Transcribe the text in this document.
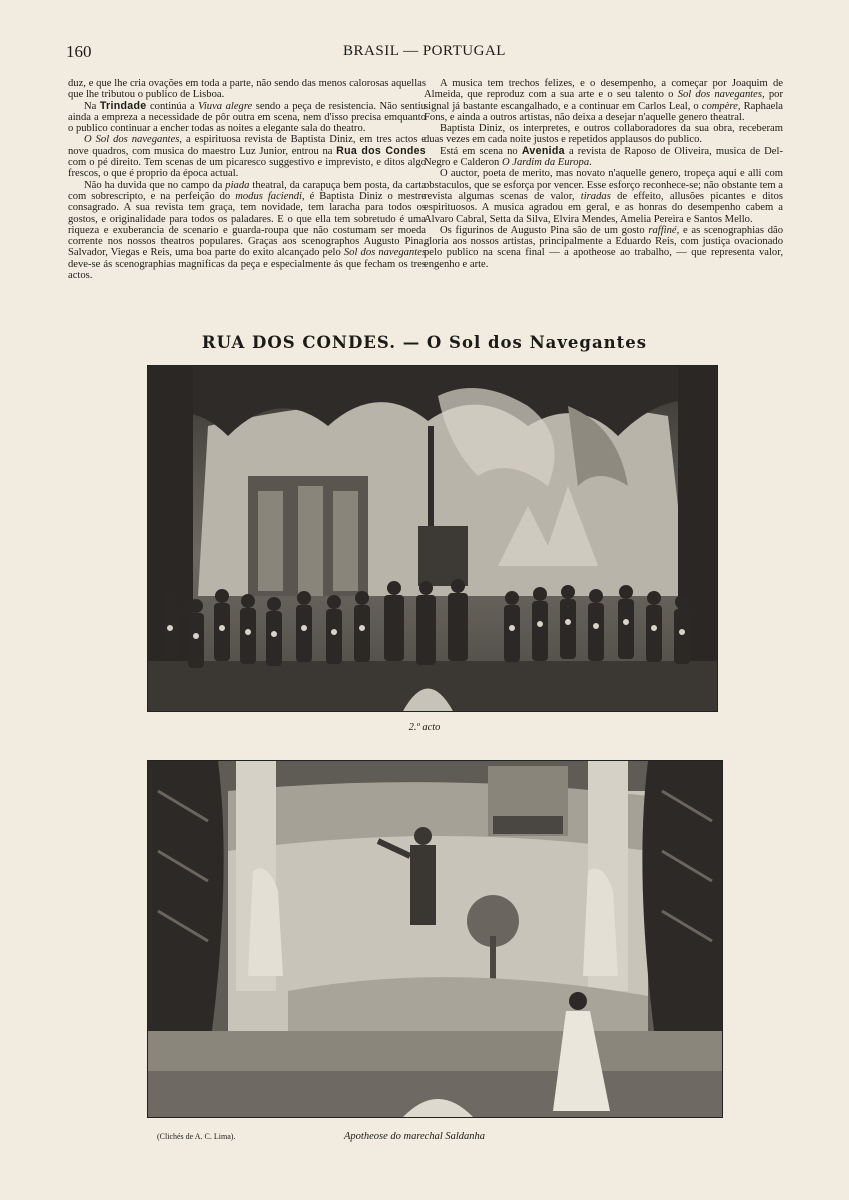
160	BRASIL — PORTUGAL

duz, e que lhe cria ovações em toda a parte, não sendo das menos calorosas aquellas que lhe tributou o publico de Lisboa.

Na Trindade continúa a Viuva alegre sendo a peça de resistencia. Não sentiu ainda a empreza a necessidade de pôr outra em scena, nem d'isso precisa emquanto o publico continuar a encher todas as noites a elegante sala do theatro.

O Sol dos navegantes, a espirituosa revista de Baptista Diniz, em tres actos e nove quadros, com musica do maestro Luz Junior, entrou na Rua dos Condes com o pé direito. Tem scenas de um picaresco suggestivo e imprevisto, e ditos algo frescos, o que é proprio da época actual.

Não ha duvida que no campo da piada theatral, da carapuça bem posta, da carta com sobrescripto, e na perfeição do modus faciendi, é Baptista Diniz o mestre consagrado. A sua revista tem graça, tem novidade, tem laracha para todos os gostos, e originalidade para todos os paladares. E o que ella tem sobretudo é uma riqueza e exuberancia de scenario e guarda-roupa que não costumam ser moeda corrente nos nossos theatros populares. Graças aos scenographos Augusto Pina, Salvador, Viegas e Reis, uma boa parte do exito alcançado pelo Sol dos navegantes deve-se ás scenographias magnificas da peça e especialmente ás que fecham os tres actos.

A musica tem trechos felizes, e o desempenho, a começar por Joaquim de Almeida, que reproduz com a sua arte e o seu talento o Sol dos navegantes, por signal já bastante escangalhado, e a continuar em Carlos Leal, o compère, Raphaela Fons, e ainda a outros artistas, não deixa a desejar n'aquelle genero theatral.

Baptista Diniz, os interpretes, e outros collaboradores da sua obra, receberam duas vezes em cada noite justos e repetidos applausos do publico.

Está em scena no Avenida a revista de Raposo de Oliveira, musica de Del-Negro e Calderon O Jardim da Europa.

O auctor, poeta de merito, mas novato n'aquelle genero, tropeça aqui e alli com obstaculos, que se esforça por vencer. Esse esforço reconhece-se; não obstante tem a revista algumas scenas de valor, tiradas de effeito, allusões picantes e ditos espirituosos. A musica agradou em geral, e as honras do desempenho cabem a Alvaro Cabral, Setta da Silva, Elvira Mendes, Amelia Pereira e Santos Mello.

Os figurinos de Augusto Pina são de um gosto raffiné, e as scenographias dão gloria aos nossos artistas, principalmente a Eduardo Reis, com justiça ovacionado pelo publico na scena final — a apotheose ao trabalho, — que representa valor, engenho e arte.

RUA DOS CONDES. — O Sol dos Navegantes
2.º acto
(Clichés de A. C. Lima).	Apotheose do marechal Saldanha
